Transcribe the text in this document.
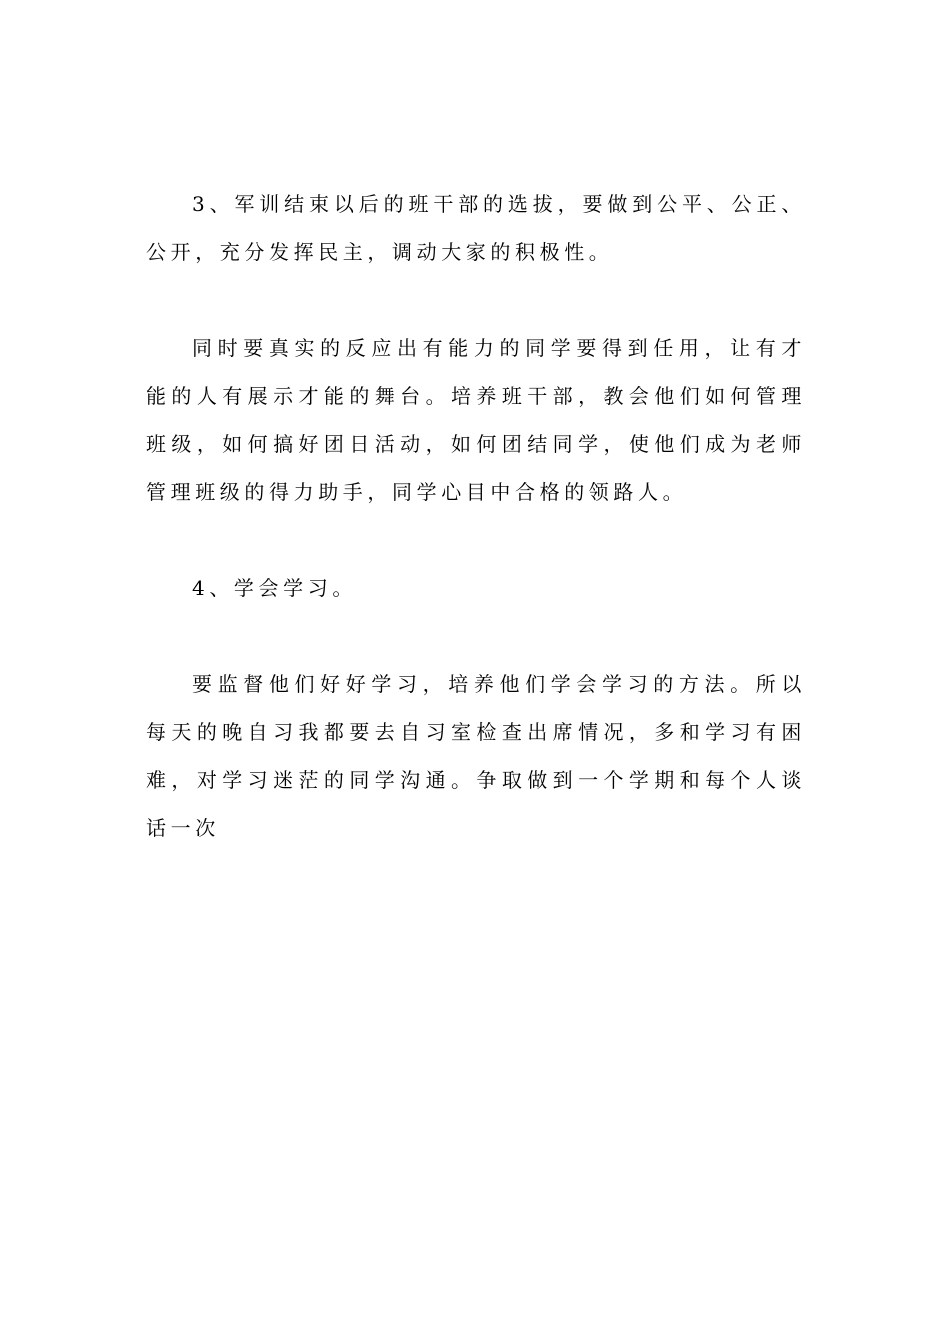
3、军训结束以后的班干部的选拔，要做到公平、公正、公开，充分发挥民主，调动大家的积极性。

同时要真实的反应出有能力的同学要得到任用，让有才能的人有展示才能的舞台。培养班干部，教会他们如何管理班级，如何搞好团日活动，如何团结同学，使他们成为老师管理班级的得力助手，同学心目中合格的领路人。

4、学会学习。

要监督他们好好学习，培养他们学会学习的方法。所以每天的晚自习我都要去自习室检查出席情况，多和学习有困难，对学习迷茫的同学沟通。争取做到一个学期和每个人谈话一次
